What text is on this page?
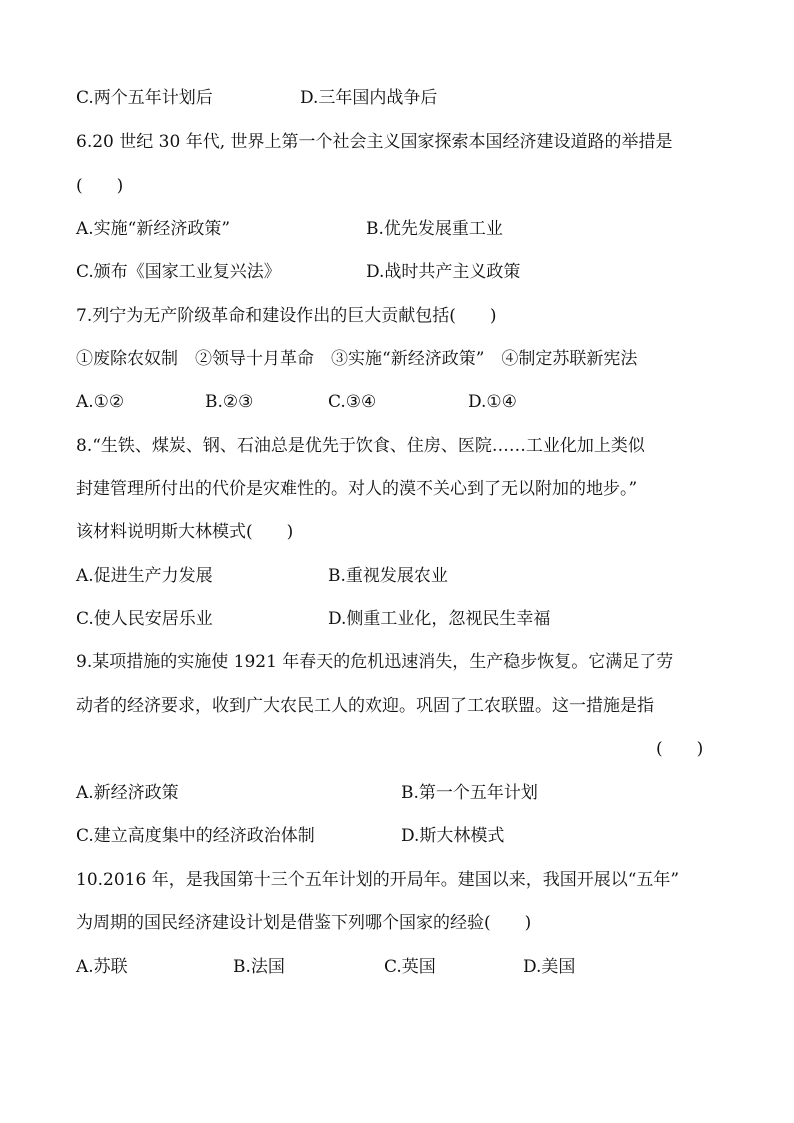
C.两个五年计划后	D.三年国内战争后
6.20 世纪 30 年代, 世界上第一个社会主义国家探索本国经济建设道路的举措是
(　　)
A.实施“新经济政策”	B.优先发展重工业
C.颁布《国家工业复兴法》	D.战时共产主义政策
7.列宁为无产阶级革命和建设作出的巨大贡献包括(　　)
①废除农奴制　②领导十月革命　③实施“新经济政策”　④制定苏联新宪法
A.①②	B.②③	C.③④	D.①④
8.“生铁、煤炭、钢、石油总是优先于饮食、住房、医院……工业化加上类似
封建管理所付出的代价是灾难性的。对人的漠不关心到了无以附加的地步。”
该材料说明斯大林模式(　　)
A.促进生产力发展	B.重视发展农业
C.使人民安居乐业	D.侧重工业化，忽视民生幸福
9.某项措施的实施使 1921 年春天的危机迅速消失，生产稳步恢复。它满足了劳
动者的经济要求，收到广大农民工人的欢迎。巩固了工农联盟。这一措施是指
(　　)
A.新经济政策	B.第一个五年计划
C.建立高度集中的经济政治体制	D.斯大林模式
10.2016 年，是我国第十三个五年计划的开局年。建国以来，我国开展以“五年”
为周期的国民经济建设计划是借鉴下列哪个国家的经验(　　)
A.苏联	B.法国	C.英国	D.美国
